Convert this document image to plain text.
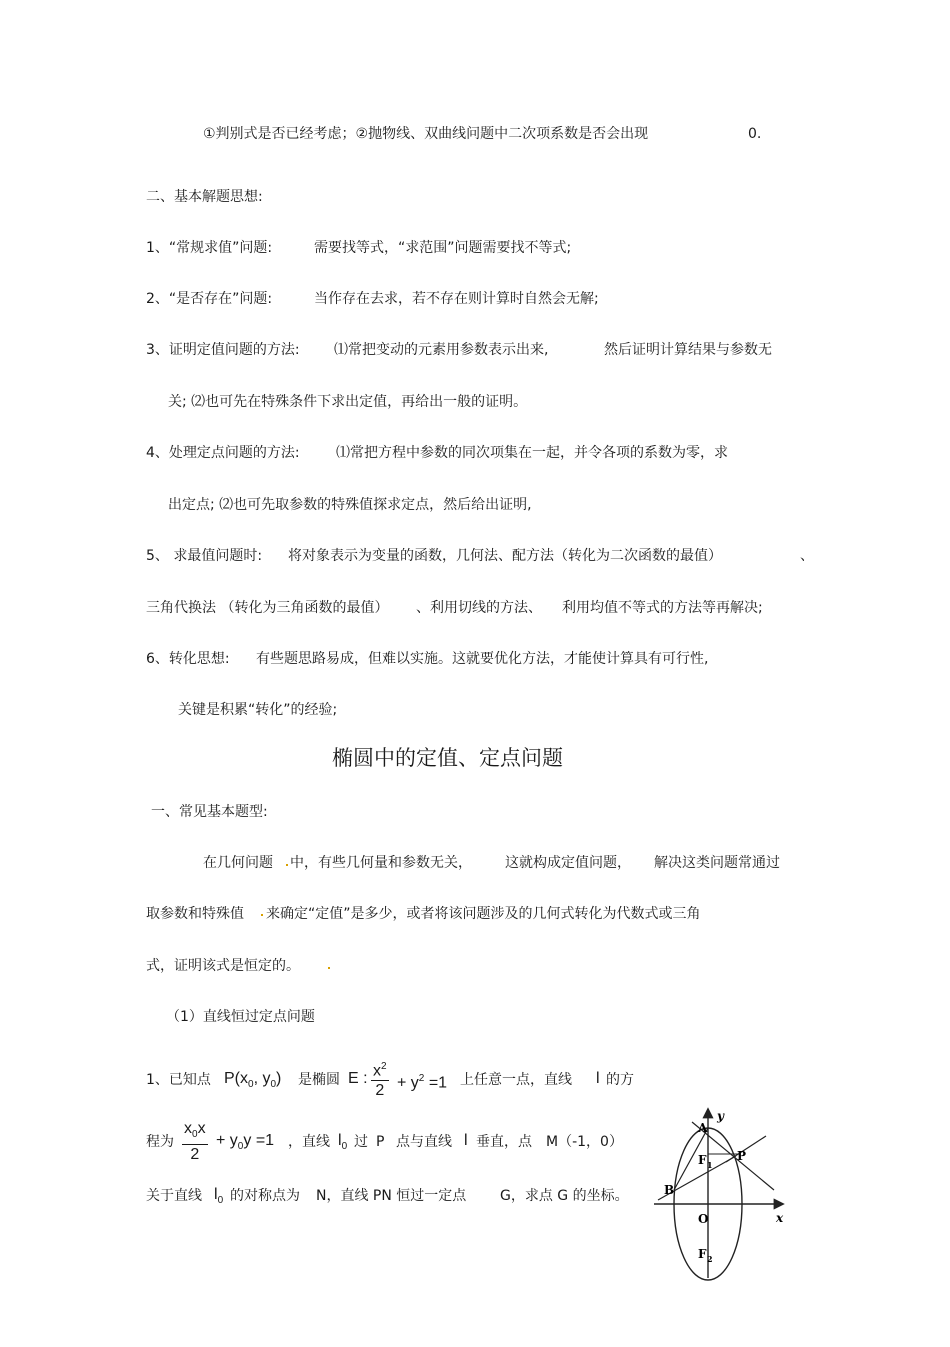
①判别式是否已经考虑；②抛物线、双曲线问题中二次项系数是否会出现	0.
二、基本解题思想:
1、“常规求值”问题:	需要找等式，“求范围”问题需要找不等式;
2、“是否存在”问题:	当作存在去求，若不存在则计算时自然会无解;
3、证明定值问题的方法: ⑴常把变动的元素用参数表示出来,	然后证明计算结果与参数无
关; ⑵也可先在特殊条件下求出定值，再给出一般的证明。
4、处理定点问题的方法:	⑴常把方程中参数的同次项集在一起，并令各项的系数为零，求
出定点; ⑵也可先取参数的特殊值探求定点，然后给出证明,
5、 求最值问题时: 将对象表示为变量的函数，几何法、配方法（转化为二次函数的最值）	、
三角代换法 （转化为三角函数的最值） 、利用切线的方法、 利用均值不等式的方法等再解决;
6、转化思想: 有些题思路易成，但难以实施。这就要优化方法，才能使计算具有可行性,
关键是积累“转化”的经验;
椭圆中的定值、定点问题
一、常见基本题型:
在几何问题 中，有些几何量和参数无关， 这就构成定值问题， 解决这类问题常通过
取参数和特殊值 来确定“定值”是多少，或者将该问题涉及的几何式转化为代数式或三角
式，证明该式是恒定的。
（1）直线恒过定点问题
1、已知点 $P(x_0$, $y_0$) 是椭圆 E : $\frac{x^2}{2} + y^2 =1$ 上任意一点，直线 l 的方
程为 $\frac{x_0x}{2} + y_0y =1$ ，直线 $l_0$ 过 P 点与直线 l 垂直，点 M（-1，0）
关于直线 $l_0$ 的对称点为 N，直线 PN 恒过一定点 G，求点 G 的坐标。
y
A
F 1
P
B
O	x
F 2
